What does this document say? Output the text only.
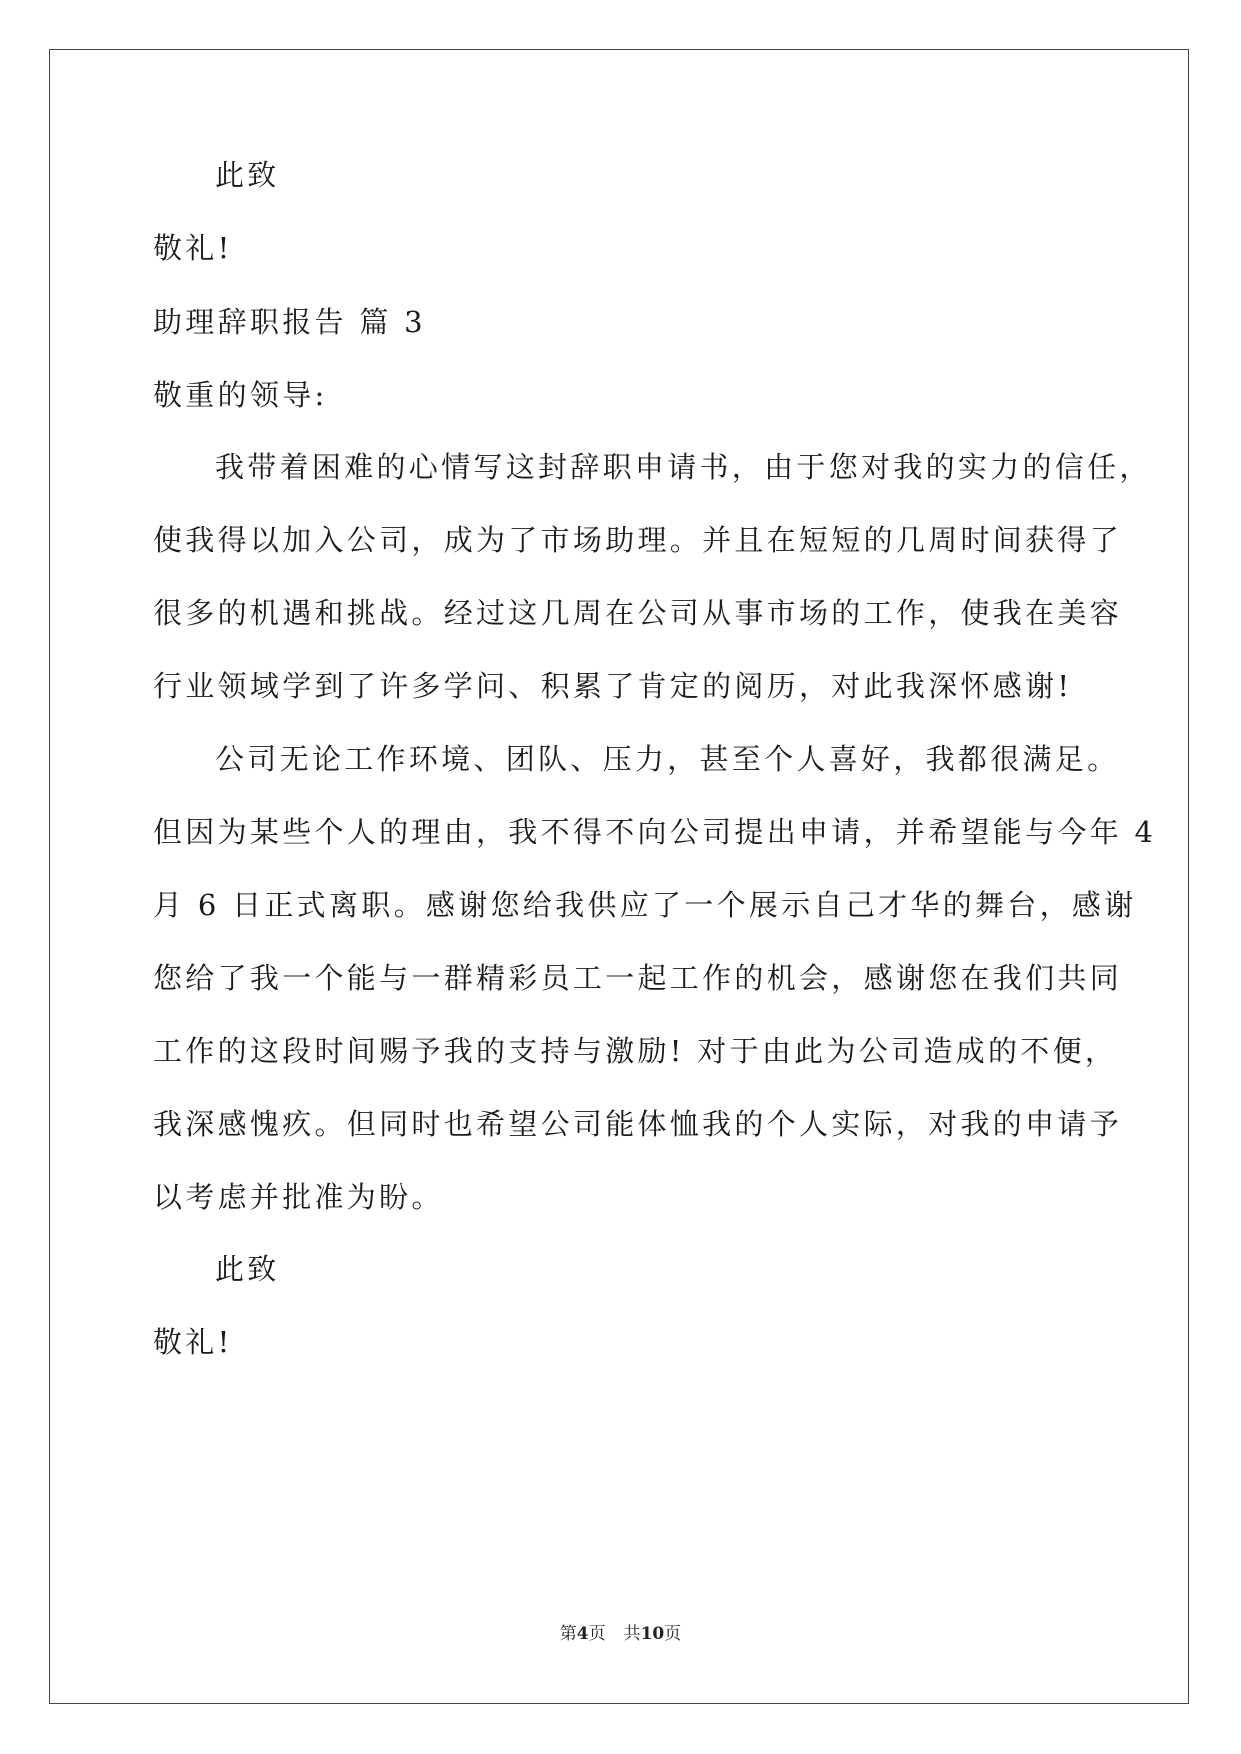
此致
敬礼!
助理辞职报告 篇 3
敬重的领导:
我带着困难的心情写这封辞职申请书，由于您对我的实力的信任，
使我得以加入公司，成为了市场助理。并且在短短的几周时间获得了
很多的机遇和挑战。经过这几周在公司从事市场的工作，使我在美容
行业领域学到了许多学问、积累了肯定的阅历，对此我深怀感谢!
公司无论工作环境、团队、压力，甚至个人喜好，我都很满足。
但因为某些个人的理由，我不得不向公司提出申请，并希望能与今年 4
月 6 日正式离职。感谢您给我供应了一个展示自己才华的舞台，感谢
您给了我一个能与一群精彩员工一起工作的机会，感谢您在我们共同
工作的这段时间赐予我的支持与激励! 对于由此为公司造成的不便，
我深感愧疚。但同时也希望公司能体恤我的个人实际，对我的申请予
以考虑并批准为盼。
此致
敬礼!
第4页 共10页
